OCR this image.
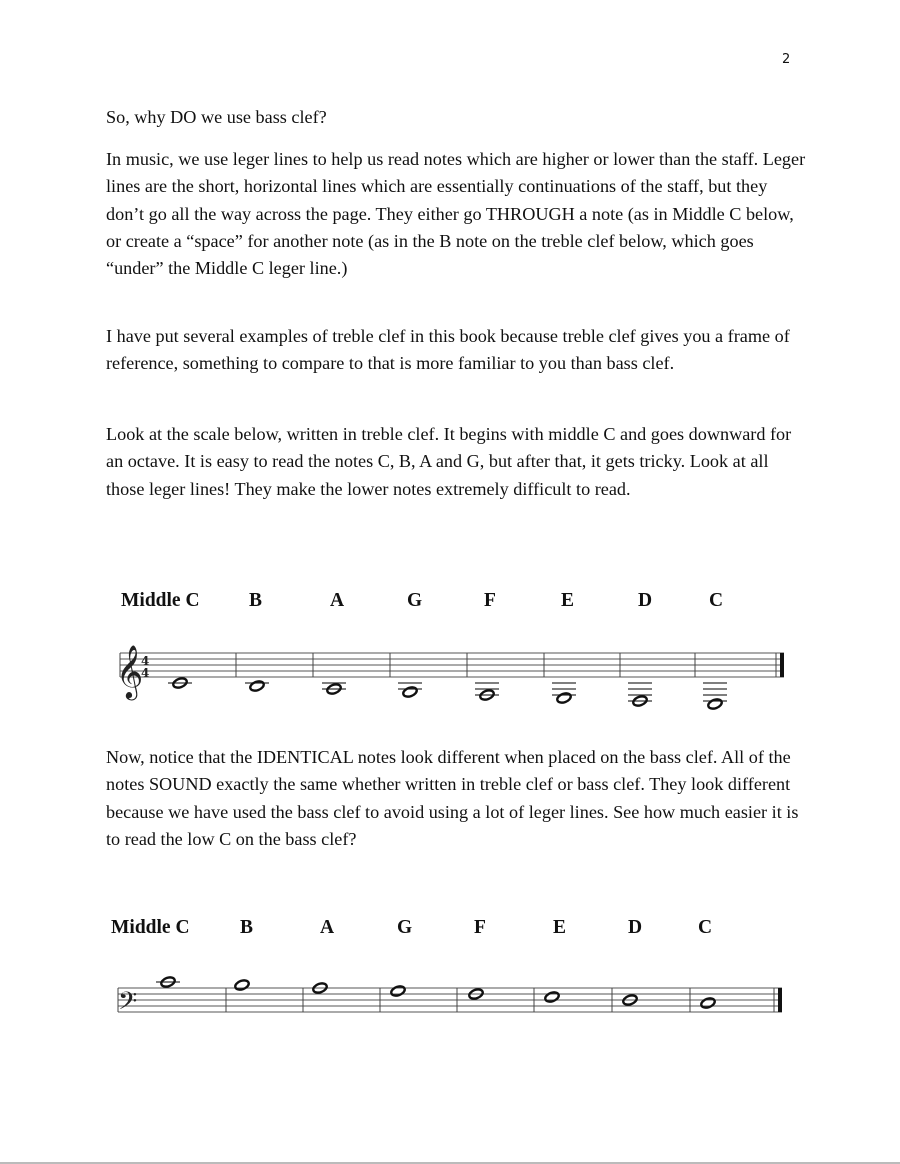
2

So, why DO we use bass clef?

In music, we use leger lines to help us read notes which are higher or lower than the staff. Leger lines are the short, horizontal lines which are essentially continuations of the staff, but they don’t go all the way across the page. They either go THROUGH a note (as in Middle C below, or create a “space” for another note (as in the B note on the treble clef below, which goes “under” the Middle C leger line.)

I have put several examples of treble clef in this book because treble clef gives you a frame of reference, something to compare to that is more familiar to you than bass clef.

Look at the scale below, written in treble clef. It begins with middle C and goes downward for an octave. It is easy to read the notes C, B, A and G, but after that, it gets tricky. Look at all those leger lines! They make the lower notes extremely difficult to read.

Middle C	B	A	G	F	E	D	C
𝄞
4
4

Now, notice that the IDENTICAL notes look different when placed on the bass clef. All of the notes SOUND exactly the same whether written in treble clef or bass clef. They look different because we have used the bass clef to avoid using a lot of leger lines. See how much easier it is to read the low C on the bass clef?

Middle C	B	A	G	F	E	D	C
𝄢
